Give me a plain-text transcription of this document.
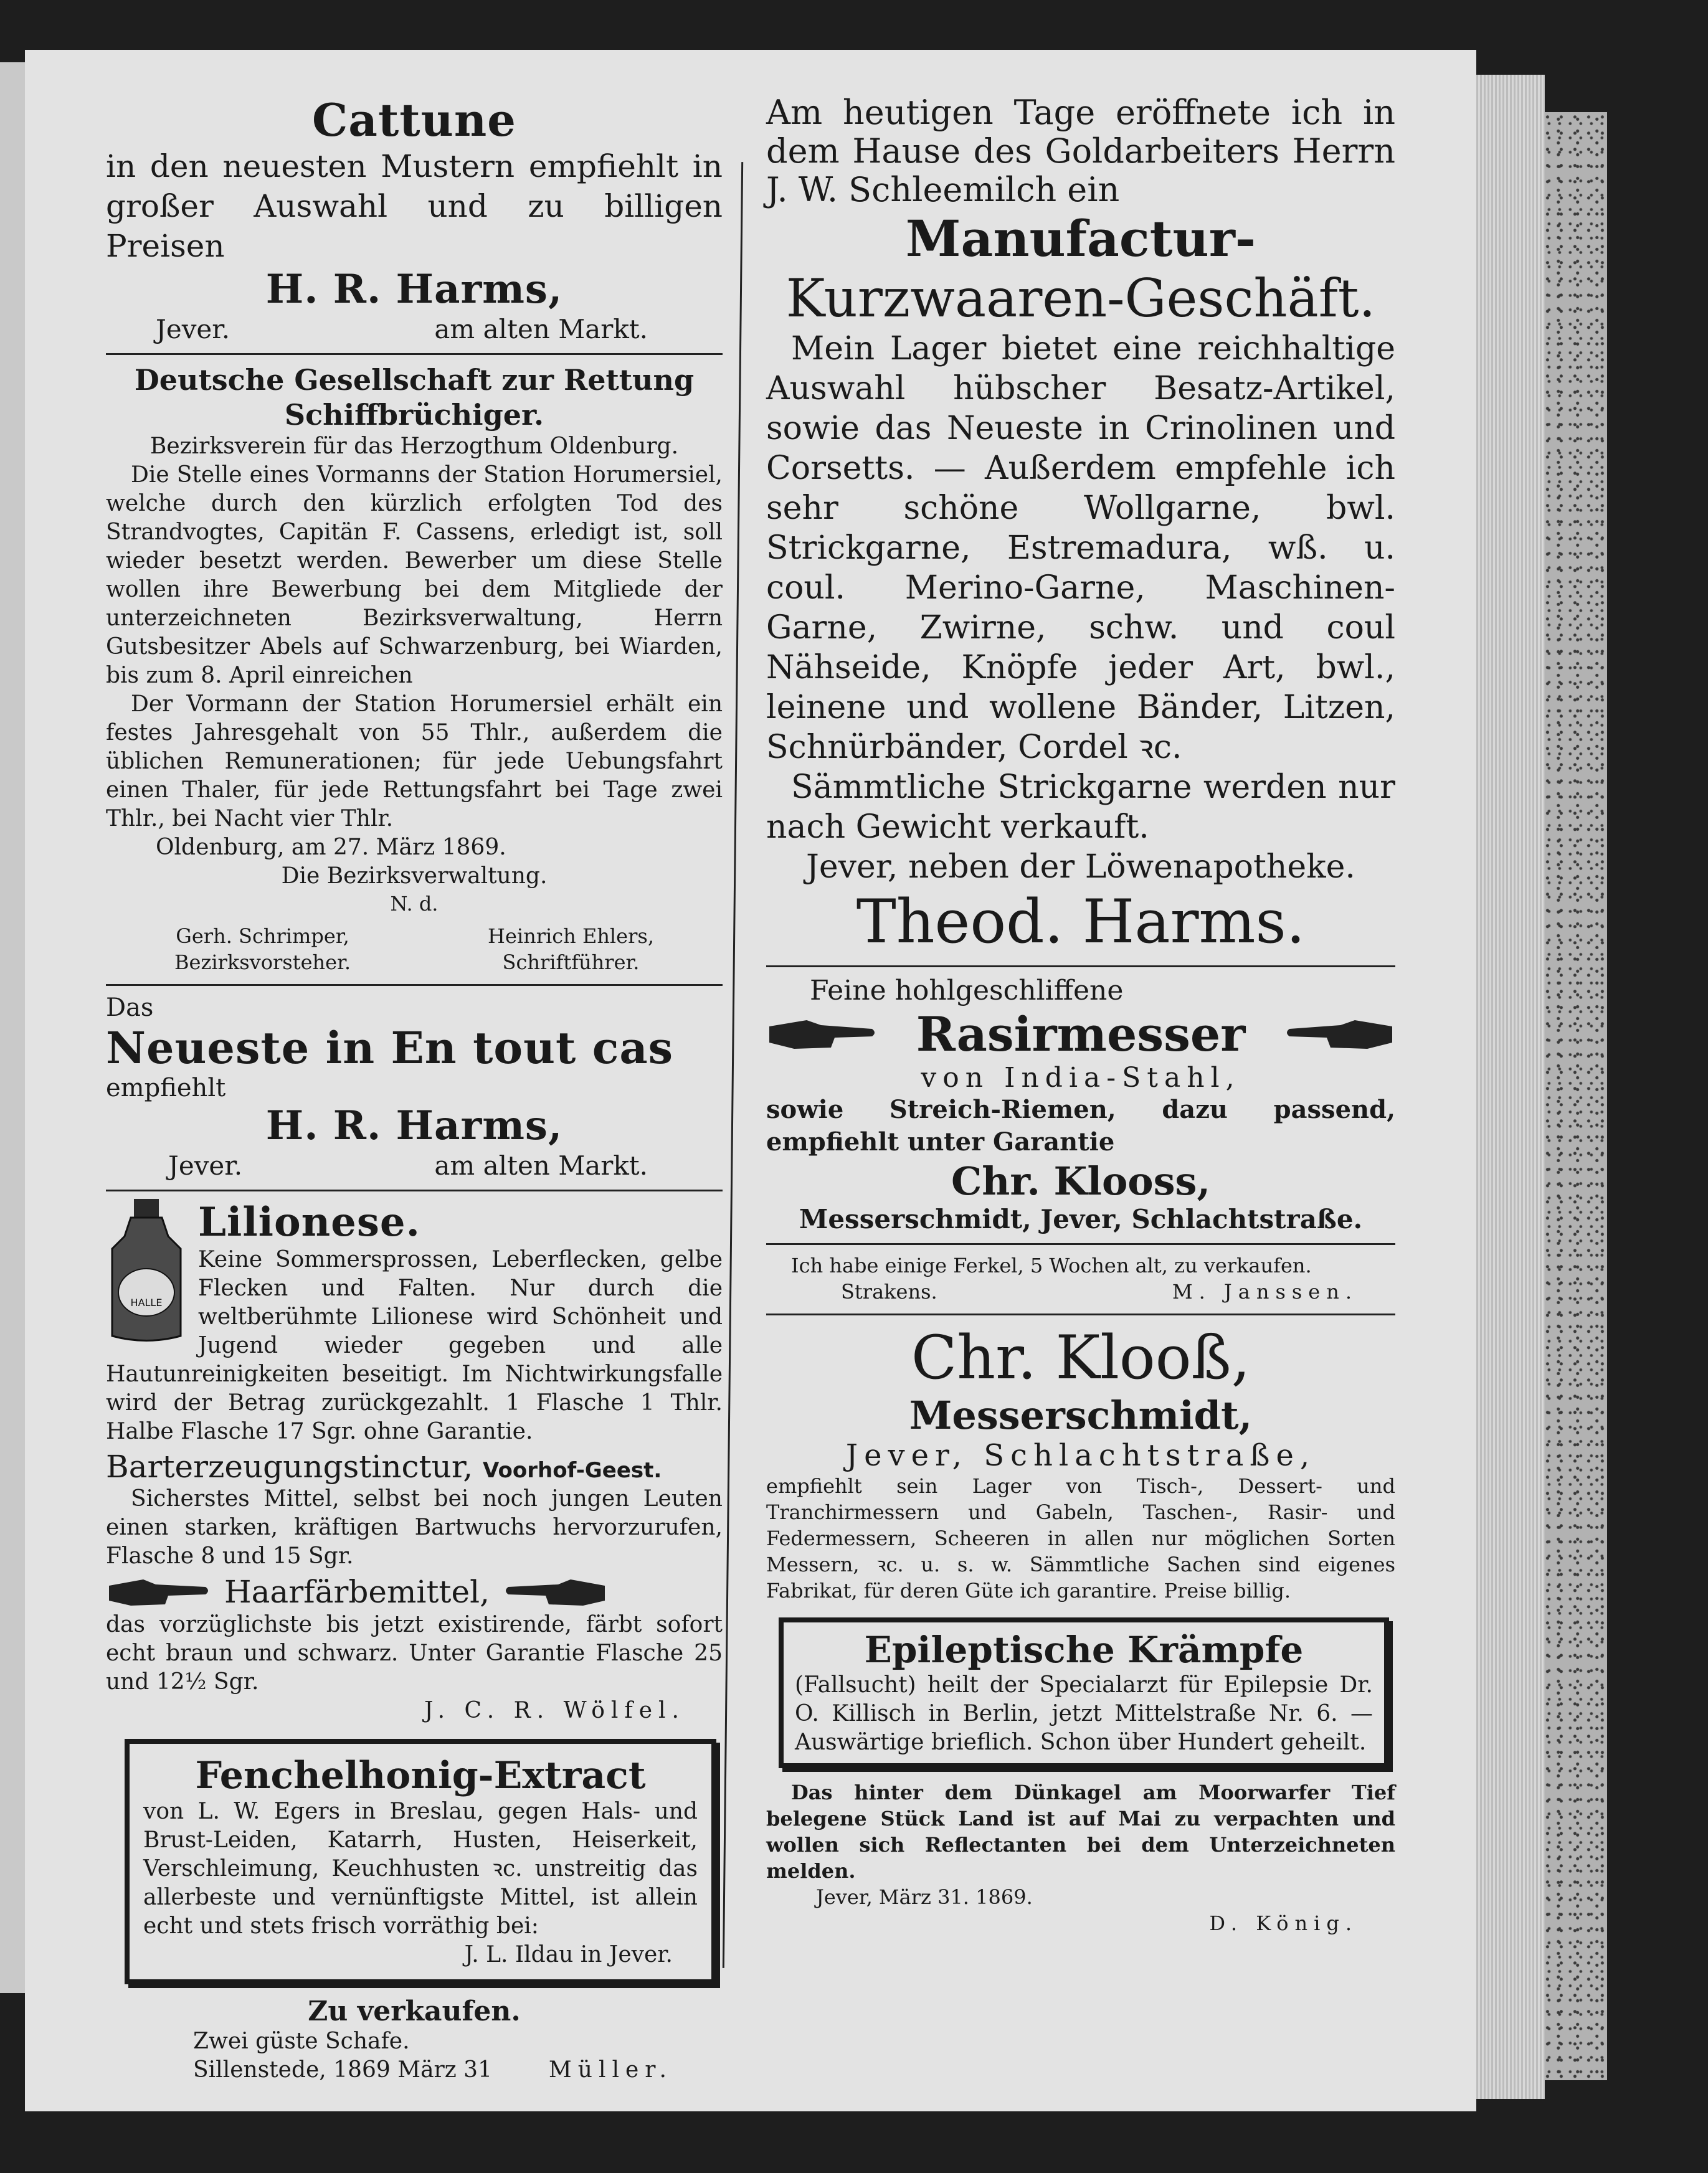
Cattune
in den neuesten Mustern empfiehlt in großer Auswahl und zu billigen Preisen
H. R. Harms,
Jever.	am alten Markt.
Deutsche Gesellschaft zur Rettung Schiffbrüchiger.
Bezirksverein für das Herzogthum Oldenburg.
Die Stelle eines Vormanns der Station Horumersiel, welche durch den kürzlich erfolgten Tod des Strandvogtes, Capitän F. Cassens, erledigt ist, soll wieder besetzt werden. Bewerber um diese Stelle wollen ihre Bewerbung bei dem Mitgliede der unterzeichneten Bezirksverwaltung, Herrn Gutsbesitzer Abels auf Schwarzenburg, bei Wiarden, bis zum 8. April einreichen
Der Vormann der Station Horumersiel erhält ein festes Jahresgehalt von 55 Thlr., außerdem die üblichen Remunerationen; für jede Uebungsfahrt einen Thaler, für jede Rettungsfahrt bei Tage zwei Thlr., bei Nacht vier Thlr.
Oldenburg, am 27. März 1869.
Die Bezirksverwaltung.
N. d.
Gerh. Schrimper,
Bezirksvorsteher.
Heinrich Ehlers,
Schriftführer.
Das
Neueste in En tout cas
empfiehlt
H. R. Harms,
Jever.	am alten Markt.
HALLE
Lilionese.
Keine Sommersprossen, Leberflecken, gelbe Flecken und Falten. Nur durch die weltberühmte Lilionese wird Schönheit und Jugend wieder gegeben und alle Hautunreinigkeiten beseitigt. Im Nichtwirkungsfalle wird der Betrag zurückgezahlt. 1 Flasche 1 Thlr. Halbe Flasche 17 Sgr. ohne Garantie.
Barterzeugungstinctur, Voorhof-Geest.
Sicherstes Mittel, selbst bei noch jungen Leuten einen starken, kräftigen Bartwuchs hervorzurufen, Flasche 8 und 15 Sgr.
Haarfärbemittel,
das vorzüglichste bis jetzt existirende, färbt sofort echt braun und schwarz. Unter Garantie Flasche 25 und 12½ Sgr.
J. C. R. Wölfel.
Fenchelhonig-Extract
von L. W. Egers in Breslau, gegen Hals- und Brust-Leiden, Katarrh, Husten, Heiserkeit, Verschleimung, Keuchhusten ꝛc. unstreitig das allerbeste und vernünftigste Mittel, ist allein echt und stets frisch vorräthig bei:
J. L. Ildau in Jever.
Zu verkaufen.
Zwei güste Schafe.
Sillenstede, 1869 März 31	Müller.
Am heutigen Tage eröffnete ich in dem Hause des Goldarbeiters Herrn J. W. Schleemilch ein
Manufactur-
Kurzwaaren-Geschäft.
Mein Lager bietet eine reichhaltige Auswahl hübscher Besatz-Artikel, sowie das Neueste in Crinolinen und Corsetts. — Außerdem empfehle ich sehr schöne Wollgarne, bwl. Strickgarne, Estremadura, wß. u. coul. Merino-Garne, Maschinen-Garne, Zwirne, schw. und coul Nähseide, Knöpfe jeder Art, bwl., leinene und wollene Bänder, Litzen, Schnürbänder, Cordel ꝛc.
Sämmtliche Strickgarne werden nur nach Gewicht verkauft.
Jever, neben der Löwenapotheke.
Theod. Harms.
Feine hohlgeschliffene
Rasirmesser
von India-Stahl,
sowie Streich-Riemen, dazu passend, empfiehlt unter Garantie
Chr. Klooss,
Messerschmidt, Jever, Schlachtstraße.
Ich habe einige Ferkel, 5 Wochen alt, zu verkaufen.
Strakens.	M. Janssen.
Chr. Klooß,
Messerschmidt,
Jever, Schlachtstraße,
empfiehlt sein Lager von Tisch-, Dessert- und Tranchirmessern und Gabeln, Taschen-, Rasir- und Federmessern, Scheeren in allen nur möglichen Sorten Messern, ꝛc. u. s. w. Sämmtliche Sachen sind eigenes Fabrikat, für deren Güte ich garantire. Preise billig.
Epileptische Krämpfe
(Fallsucht) heilt der Specialarzt für Epilepsie Dr. O. Killisch in Berlin, jetzt Mittelstraße Nr. 6. — Auswärtige brieflich. Schon über Hundert geheilt.
Das hinter dem Dünkagel am Moorwarfer Tief belegene Stück Land ist auf Mai zu verpachten und wollen sich Reflectanten bei dem Unterzeichneten melden.
Jever, März 31. 1869.
D. König.
